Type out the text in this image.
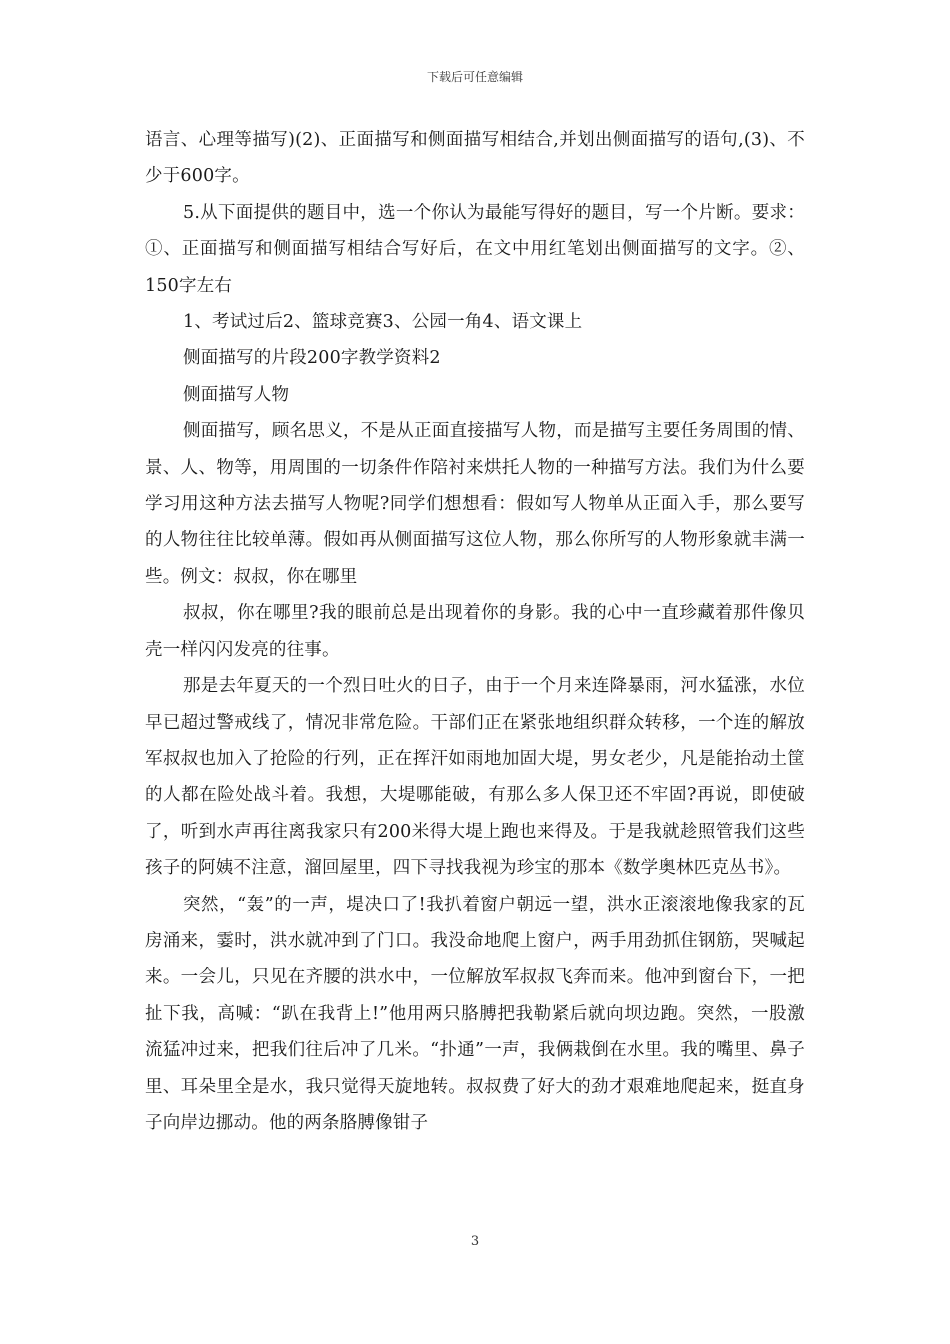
下载后可任意编辑

语言、心理等描写)(2)、正面描写和侧面描写相结合,并划出侧面描写的语句,(3)、不少于600字。

5.从下面提供的题目中，选一个你认为最能写得好的题目，写一个片断。要求：①、正面描写和侧面描写相结合写好后，在文中用红笔划出侧面描写的文字。②、150字左右

1、考试过后2、篮球竞赛3、公园一角4、语文课上

侧面描写的片段200字教学资料2

侧面描写人物

侧面描写，顾名思义，不是从正面直接描写人物，而是描写主要任务周围的情、景、人、物等，用周围的一切条件作陪衬来烘托人物的一种描写方法。我们为什么要学习用这种方法去描写人物呢?同学们想想看：假如写人物单从正面入手，那么要写的人物往往比较单薄。假如再从侧面描写这位人物，那么你所写的人物形象就丰满一些。例文：叔叔，你在哪里

叔叔，你在哪里?我的眼前总是出现着你的身影。我的心中一直珍藏着那件像贝壳一样闪闪发亮的往事。

那是去年夏天的一个烈日吐火的日子，由于一个月来连降暴雨，河水猛涨，水位早已超过警戒线了，情况非常危险。干部们正在紧张地组织群众转移，一个连的解放军叔叔也加入了抢险的行列，正在挥汗如雨地加固大堤，男女老少，凡是能抬动土筐的人都在险处战斗着。我想，大堤哪能破，有那么多人保卫还不牢固?再说，即使破了，听到水声再往离我家只有200米得大堤上跑也来得及。于是我就趁照管我们这些孩子的阿姨不注意，溜回屋里，四下寻找我视为珍宝的那本《数学奥林匹克丛书》。

突然，“轰”的一声，堤决口了!我扒着窗户朝远一望，洪水正滚滚地像我家的瓦房涌来，霎时，洪水就冲到了门口。我没命地爬上窗户，两手用劲抓住钢筋，哭喊起来。一会儿，只见在齐腰的洪水中，一位解放军叔叔飞奔而来。他冲到窗台下，一把扯下我，高喊：“趴在我背上!”他用两只胳膊把我勒紧后就向坝边跑。突然，一股激流猛冲过来，把我们往后冲了几米。“扑通”一声，我俩栽倒在水里。我的嘴里、鼻子里、耳朵里全是水，我只觉得天旋地转。叔叔费了好大的劲才艰难地爬起来，挺直身子向岸边挪动。他的两条胳膊像钳子

3
